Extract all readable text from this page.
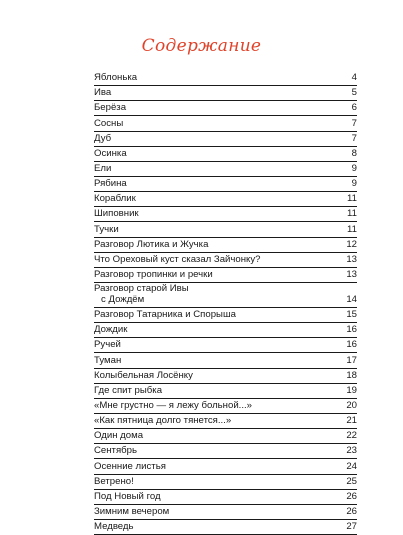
Содержание
Яблонька	4
Ива	5
Берёза	6
Сосны	7
Дуб	7
Осинка	8
Ели	9
Рябина	9
Кораблик	11
Шиповник	11
Тучки	11
Разговор Лютика и Жучка	12
Что Ореховый куст сказал Зайчонку?	13
Разговор тропинки и речки	13
Разговор старой Ивы
с Дождём	14
Разговор Татарника и Спорыша	15
Дождик	16
Ручей	16
Туман	17
Колыбельная Лосёнку	18
Где спит рыбка	19
«Мне грустно — я лежу больной...»	20
«Как пятница долго тянется...»	21
Один дома	22
Сентябрь	23
Осенние листья	24
Ветрено!	25
Под Новый год	26
Зимним вечером	26
Медведь	27
